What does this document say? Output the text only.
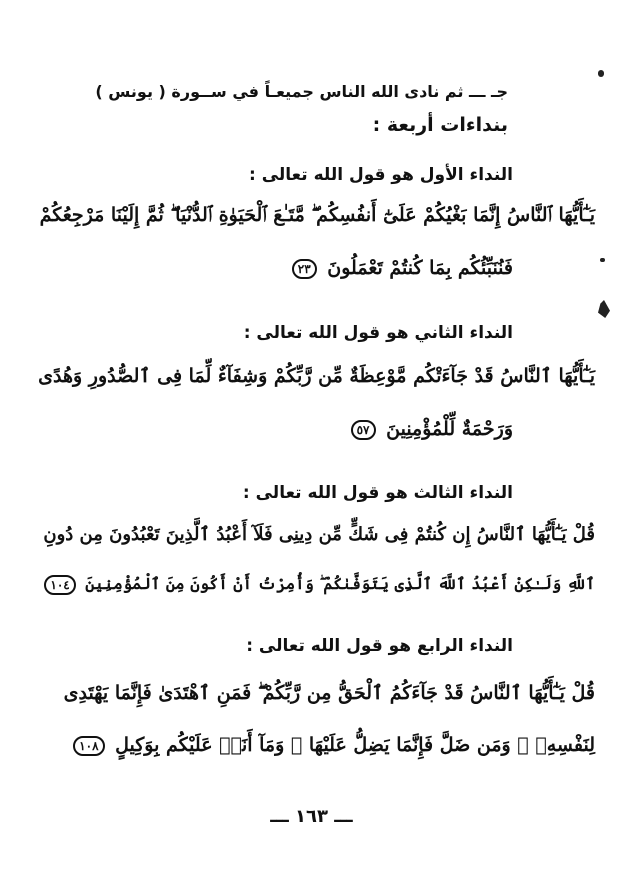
جـ ـــ ثم نادى الله الناس جميعـاً في ســورة ( يونس )
بنداءات أربعة :
النداء الأول هو قول الله تعالى :
يَـٰٓأَيُّهَا ٱلنَّاسُ إِنَّمَا بَغْيُكُمْ عَلَىٰٓ أَنفُسِكُم ۖ مَّتَـٰعَ ٱلْحَيَوٰةِ ٱلدُّنْيَا ۖ ثُمَّ إِلَيْنَا مَرْجِعُكُمْ
فَنُنَبِّئُكُم بِمَا كُنتُمْ تَعْمَلُونَ ٢٣
النداء الثاني هو قول الله تعالى :
يَـٰٓأَيُّهَا ٱلنَّاسُ قَدْ جَآءَتْكُم مَّوْعِظَةٌ مِّن رَّبِّكُمْ وَشِفَآءٌ لِّمَا فِى ٱلصُّدُورِ وَهُدًى
وَرَحْمَةٌ لِّلْمُؤْمِنِينَ ٥٧
النداء الثالث هو قول الله تعالى :
قُلْ يَـٰٓأَيُّهَا ٱلنَّاسُ إِن كُنتُمْ فِى شَكٍّ مِّن دِينِى فَلَآ أَعْبُدُ ٱلَّذِينَ تَعْبُدُونَ مِن دُونِ
ٱللَّهِ وَلَـٰكِنْ أَعْبُدُ ٱللَّهَ ٱلَّذِى يَتَوَفَّىٰكُمْ ۖ وَأُمِرْتُ أَنْ أَكُونَ مِنَ ٱلْمُؤْمِنِينَ ١٠٤
النداء الرابع هو قول الله تعالى :
قُلْ يَـٰٓأَيُّهَا ٱلنَّاسُ قَدْ جَآءَكُمُ ٱلْحَقُّ مِن رَّبِّكُمْ ۖ فَمَنِ ٱهْتَدَىٰ فَإِنَّمَا يَهْتَدِى
لِنَفْسِهِۦ ۖ وَمَن ضَلَّ فَإِنَّمَا يَضِلُّ عَلَيْهَا ۖ وَمَآ أَنَا۠ عَلَيْكُم بِوَكِيلٍ ١٠٨
ـــ ١٦٣ ـــ
